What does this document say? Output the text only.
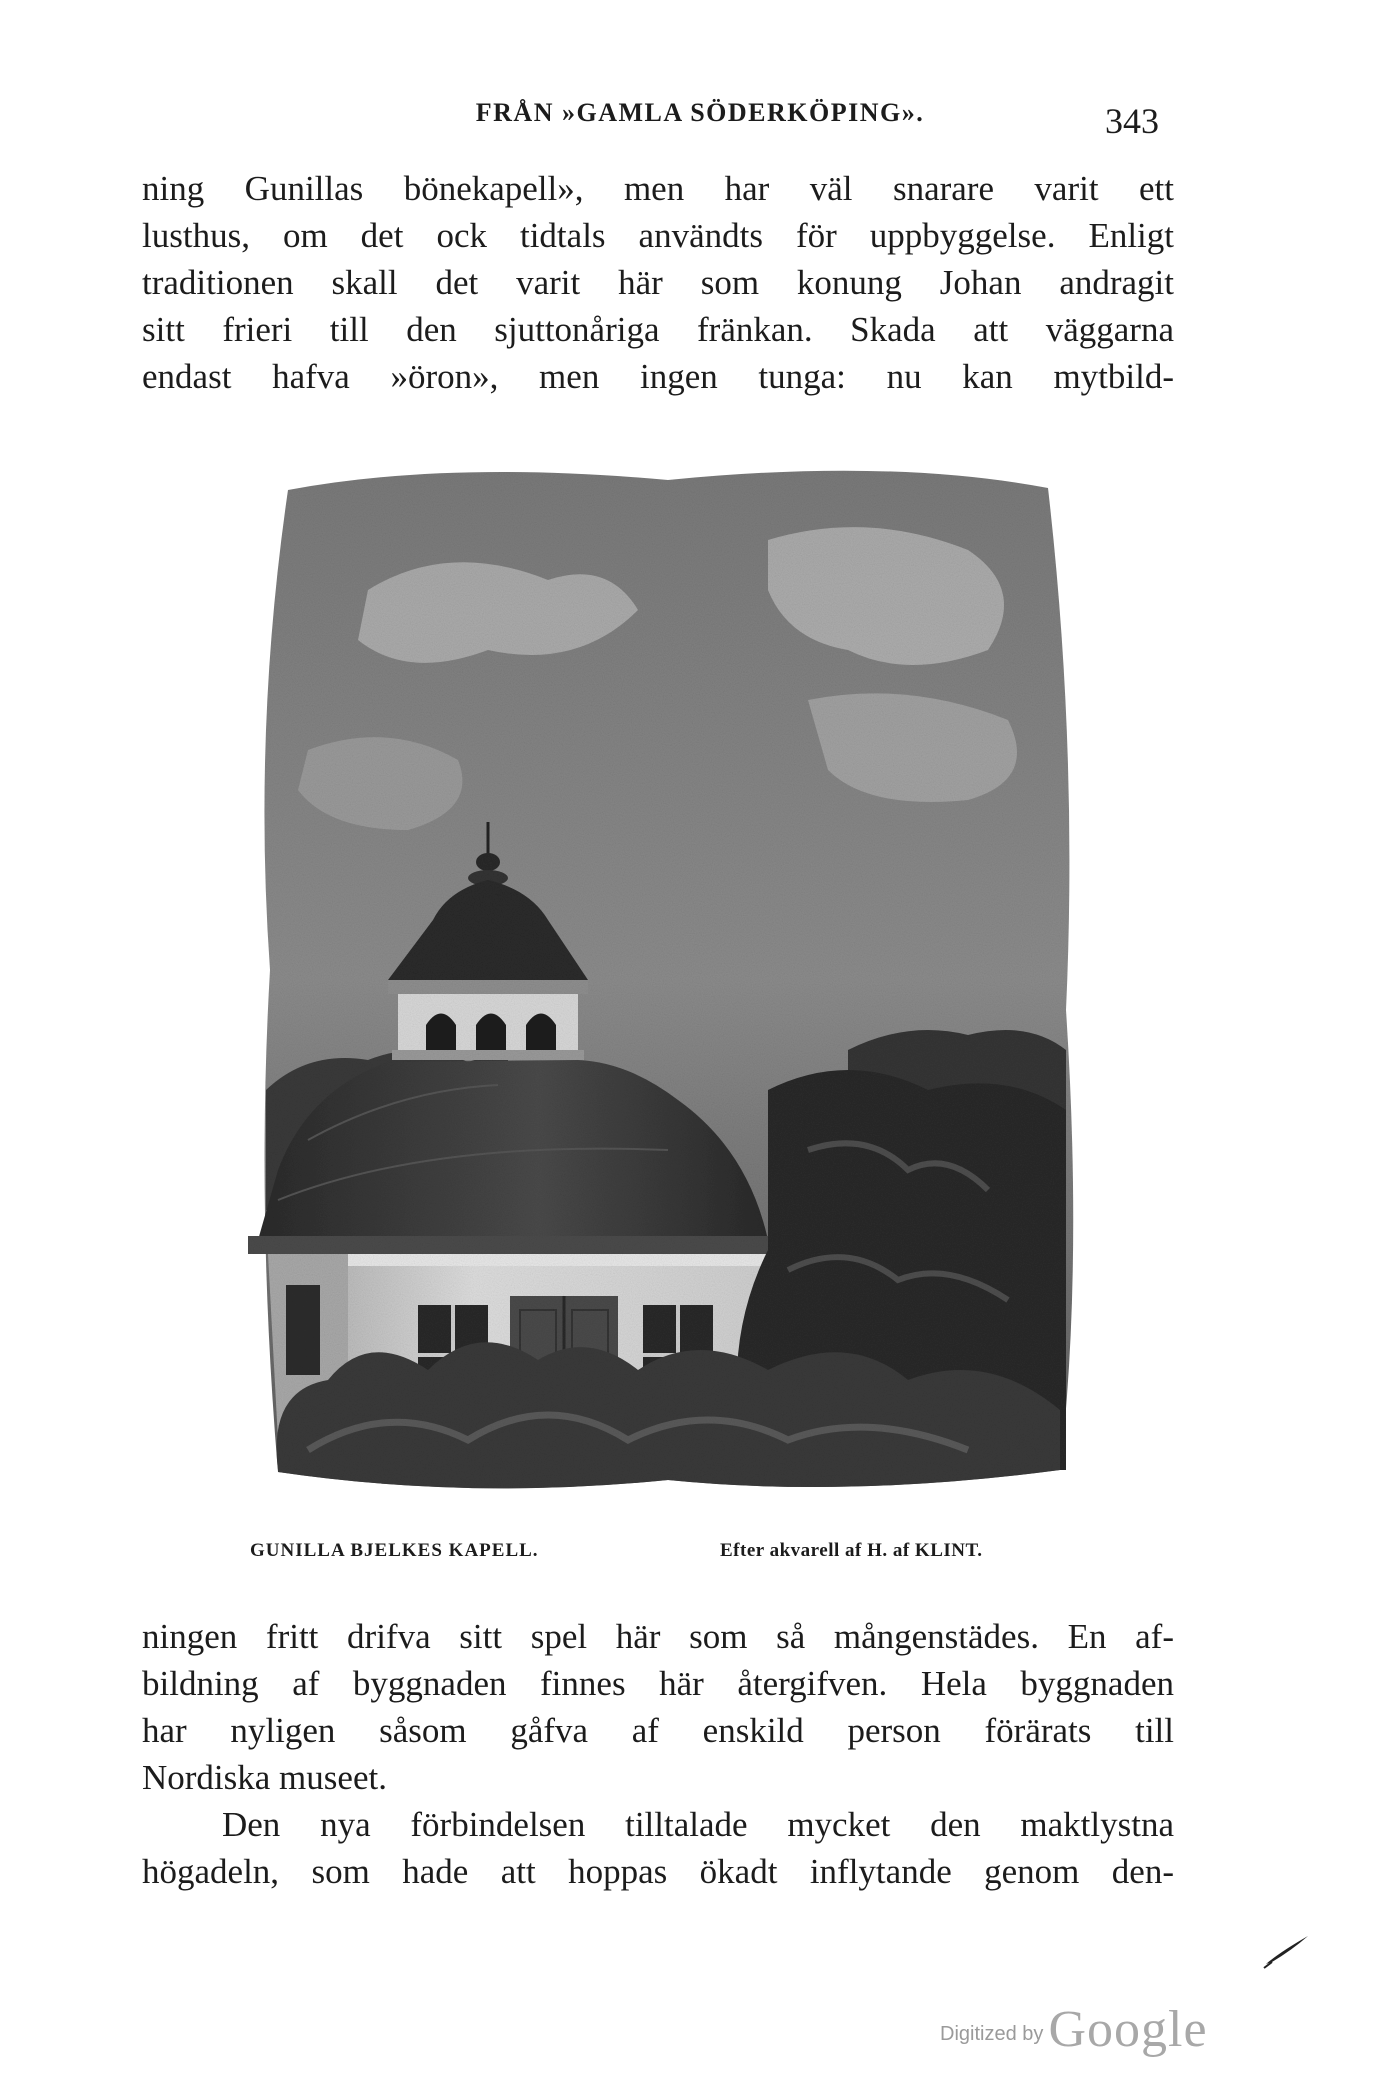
FRÅN »GAMLA SÖDERKÖPING».	343
ning Gunillas bönekapell», men har väl snarare varit ett
lusthus, om det ock tidtals användts för uppbyggelse. Enligt
traditionen skall det varit här som konung Johan andragit
sitt frieri till den sjuttonåriga fränkan. Skada att väggarna
endast hafva »öron», men ingen tunga: nu kan mytbild-
GUNILLA BJELKES KAPELL.	Efter akvarell af H. af KLINT.
ningen fritt drifva sitt spel här som så mångenstädes. En af-
bildning af byggnaden finnes här återgifven. Hela byggnaden
har nyligen såsom gåfva af enskild person förärats till
Nordiska museet.
Den nya förbindelsen tilltalade mycket den maktlystna
högadeln, som hade att hoppas ökadt inflytande genom den-
Digitized by Google
